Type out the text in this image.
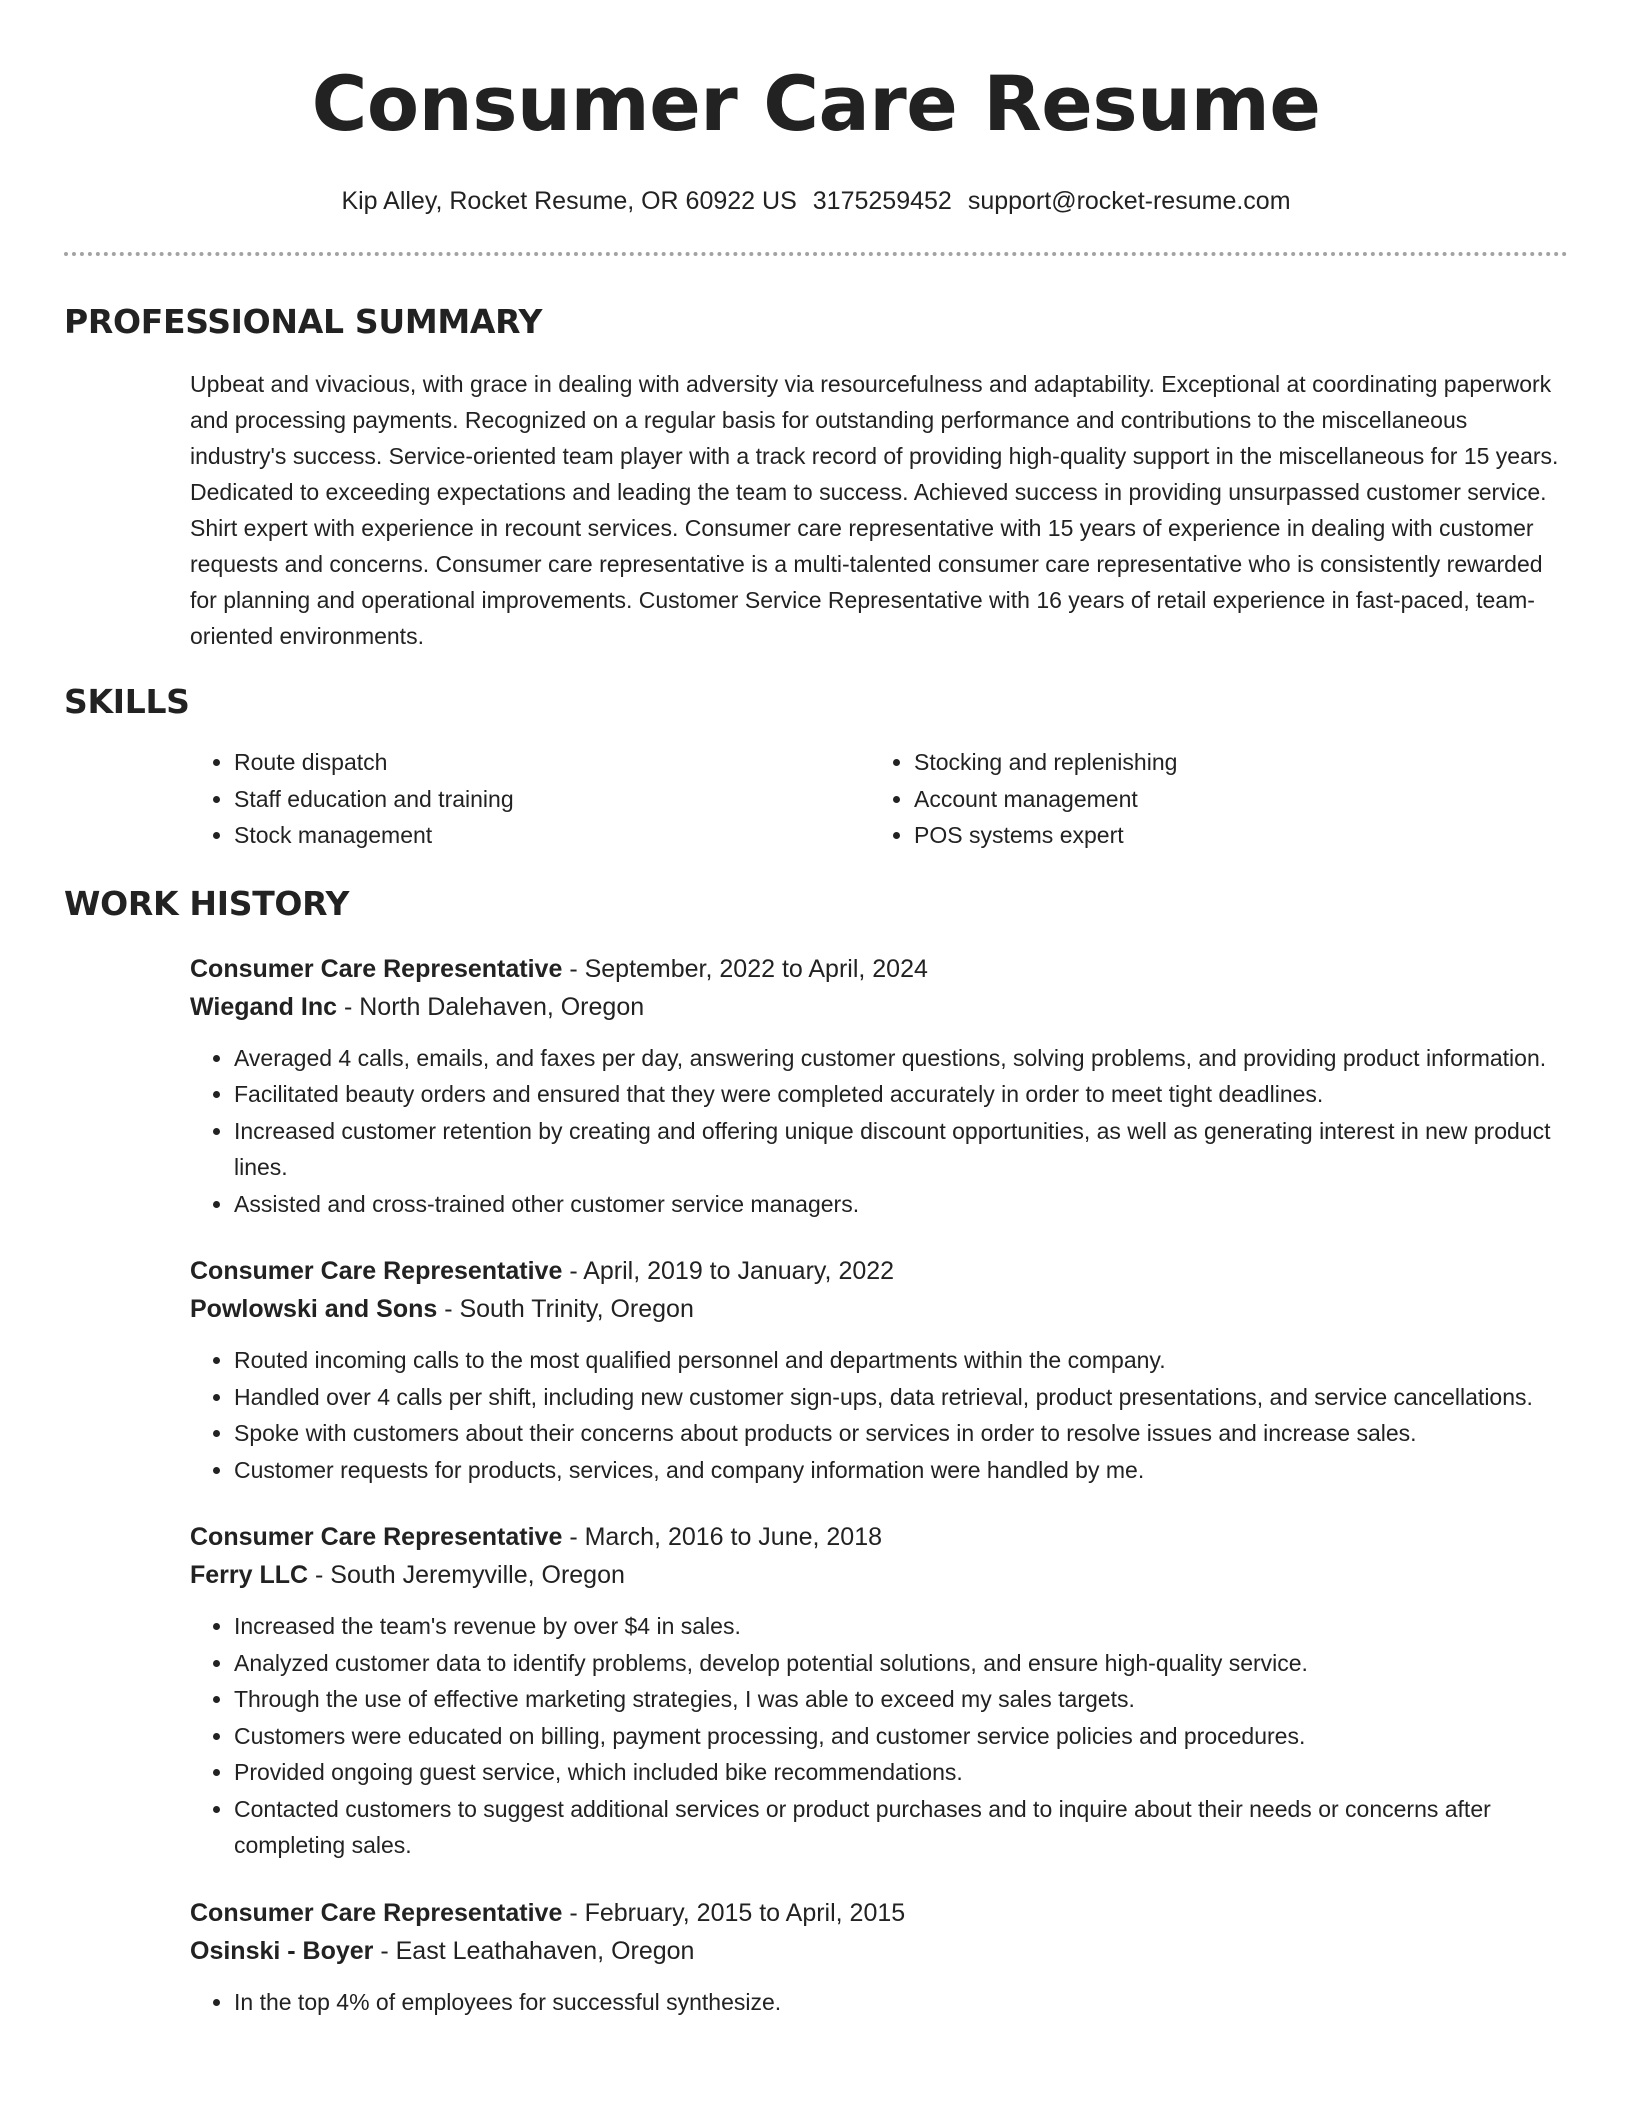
Consumer Care Resume
Kip Alley, Rocket Resume, OR 60922 US 3175259452 support@rocket-resume.com
PROFESSIONAL SUMMARY
Upbeat and vivacious, with grace in dealing with adversity via resourcefulness and adaptability. Exceptional at coordinating paperwork and processing payments. Recognized on a regular basis for outstanding performance and contributions to the miscellaneous industry's success. Service-oriented team player with a track record of providing high-quality support in the miscellaneous for 15 years. Dedicated to exceeding expectations and leading the team to success. Achieved success in providing unsurpassed customer service. Shirt expert with experience in recount services. Consumer care representative with 15 years of experience in dealing with customer requests and concerns. Consumer care representative is a multi-talented consumer care representative who is consistently rewarded for planning and operational improvements. Customer Service Representative with 16 years of retail experience in fast-paced, team-oriented environments.
SKILLS
• Route dispatch
• Staff education and training
• Stock management
• Stocking and replenishing
• Account management
• POS systems expert
WORK HISTORY
Consumer Care Representative - September, 2022 to April, 2024
Wiegand Inc - North Dalehaven, Oregon
• Averaged 4 calls, emails, and faxes per day, answering customer questions, solving problems, and providing product information.
• Facilitated beauty orders and ensured that they were completed accurately in order to meet tight deadlines.
• Increased customer retention by creating and offering unique discount opportunities, as well as generating interest in new product lines.
• Assisted and cross-trained other customer service managers.
Consumer Care Representative - April, 2019 to January, 2022
Powlowski and Sons - South Trinity, Oregon
• Routed incoming calls to the most qualified personnel and departments within the company.
• Handled over 4 calls per shift, including new customer sign-ups, data retrieval, product presentations, and service cancellations.
• Spoke with customers about their concerns about products or services in order to resolve issues and increase sales.
• Customer requests for products, services, and company information were handled by me.
Consumer Care Representative - March, 2016 to June, 2018
Ferry LLC - South Jeremyville, Oregon
• Increased the team's revenue by over $4 in sales.
• Analyzed customer data to identify problems, develop potential solutions, and ensure high-quality service.
• Through the use of effective marketing strategies, I was able to exceed my sales targets.
• Customers were educated on billing, payment processing, and customer service policies and procedures.
• Provided ongoing guest service, which included bike recommendations.
• Contacted customers to suggest additional services or product purchases and to inquire about their needs or concerns after completing sales.
Consumer Care Representative - February, 2015 to April, 2015
Osinski - Boyer - East Leathahaven, Oregon
• In the top 4% of employees for successful synthesize.
